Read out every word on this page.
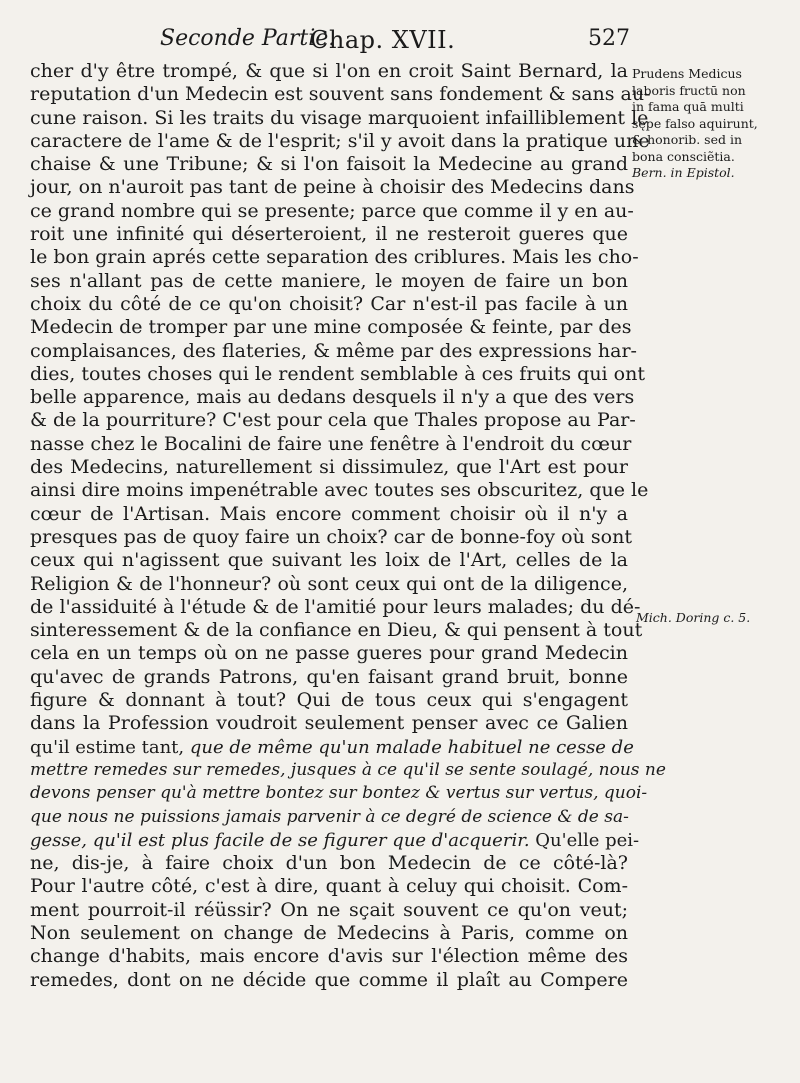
Seconde Partie.
Chap. XVII.	527
cher d'y être trompé, & que si l'on en croit Saint Bernard, la
reputation d'un Medecin est souvent sans fondement & sans au-
cune raison. Si les traits du visage marquoient infailliblement le
caractere de l'ame & de l'esprit; s'il y avoit dans la pratique une
chaise & une Tribune; & si l'on faisoit la Medecine au grand
jour, on n'auroit pas tant de peine à choisir des Medecins dans
ce grand nombre qui se presente; parce que comme il y en au-
roit une infinité qui déserteroient, il ne resteroit gueres que
le bon grain aprés cette separation des criblures. Mais les cho-
ses n'allant pas de cette maniere, le moyen de faire un bon
choix du côté de ce qu'on choisit? Car n'est-il pas facile à un
Medecin de tromper par une mine composée & feinte, par des
complaisances, des flateries, & même par des expressions har-
dies, toutes choses qui le rendent semblable à ces fruits qui ont
belle apparence, mais au dedans desquels il n'y a que des vers
& de la pourriture? C'est pour cela que Thales propose au Par-
nasse chez le Bocalini de faire une fenêtre à l'endroit du cœur
des Medecins, naturellement si dissimulez, que l'Art est pour
ainsi dire moins impenétrable avec toutes ses obscuritez, que le
cœur de l'Artisan. Mais encore comment choisir où il n'y a
presques pas de quoy faire un choix? car de bonne-foy où sont
ceux qui n'agissent que suivant les loix de l'Art, celles de la
Religion & de l'honneur? où sont ceux qui ont de la diligence,
de l'assiduité à l'étude & de l'amitié pour leurs malades; du dé-
sinteressement & de la confiance en Dieu, & qui pensent à tout
cela en un temps où on ne passe gueres pour grand Medecin
qu'avec de grands Patrons, qu'en faisant grand bruit, bonne
figure & donnant à tout? Qui de tous ceux qui s'engagent
dans la Profession voudroit seulement penser avec ce Galien
qu'il estime tant, que de même qu'un malade habituel ne cesse de
mettre remedes sur remedes, jusques à ce qu'il se sente soulagé, nous ne
devons penser qu'à mettre bontez sur bontez & vertus sur vertus, quoi-
que nous ne puissions jamais parvenir à ce degré de science & de sa-
gesse, qu'il est plus facile de se figurer que d'acquerir. Qu'elle pei-
ne, dis-je, à faire choix d'un bon Medecin de ce côté-là?
Pour l'autre côté, c'est à dire, quant à celuy qui choisit. Com-
ment pourroit-il réüssir? On ne sçait souvent ce qu'on veut;
Non seulement on change de Medecins à Paris, comme on
change d'habits, mais encore d'avis sur l'élection même des
remedes, dont on ne décide que comme il plaît au Compere
Prudens Medicus
laboris fructū non
in fama quā multi
sępe falso aquirunt,
& honorib. sed in
bona consciẽtia.
Bern. in Epistol.
Mich. Doring c. 5.
